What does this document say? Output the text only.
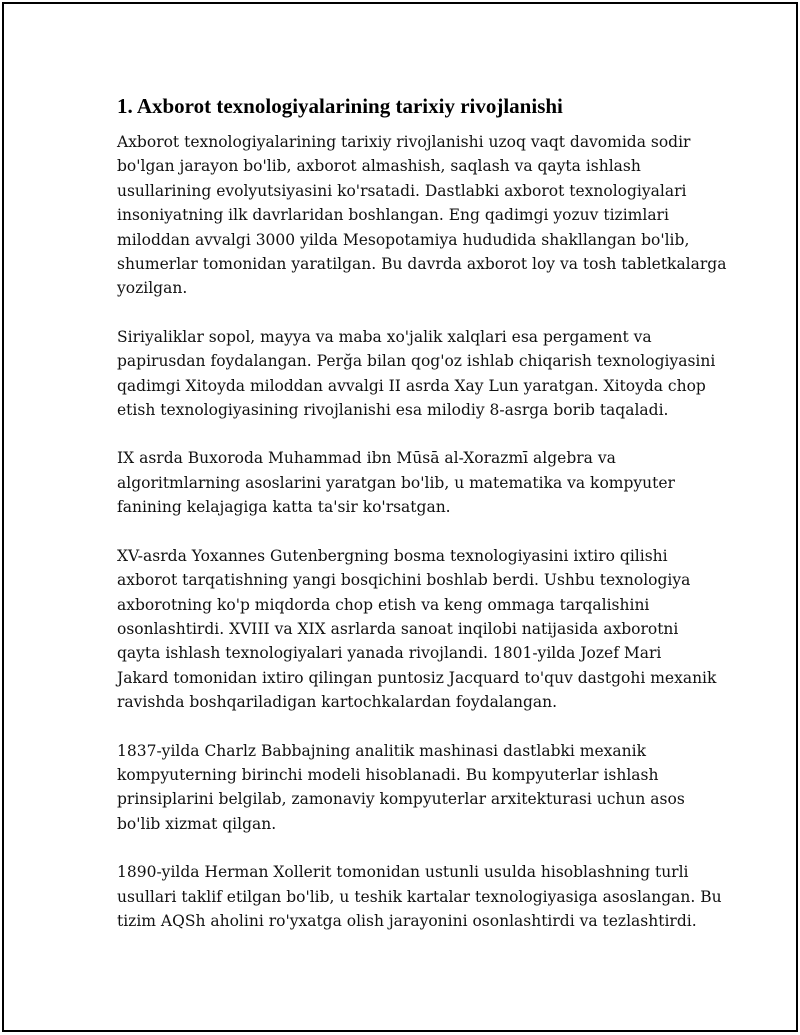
1. Axborot texnologiyalarining tarixiy rivojlanishi

Axborot texnologiyalarining tarixiy rivojlanishi uzoq vaqt davomida sodir
bo'lgan jarayon bo'lib, axborot almashish, saqlash va qayta ishlash
usullarining evolyutsiyasini ko'rsatadi. Dastlabki axborot texnologiyalari
insoniyatning ilk davrlaridan boshlangan. Eng qadimgi yozuv tizimlari
miloddan avvalgi 3000 yilda Mesopotamiya hududida shakllangan bo'lib,
shumerlar tomonidan yaratilgan. Bu davrda axborot loy va tosh tabletkalarga
yozilgan.

Siriyaliklar sopol, mayya va maba xo'jalik xalqlari esa pergament va
papirusdan foydalangan. Perğa bilan qog'oz ishlab chiqarish texnologiyasini
qadimgi Xitoyda miloddan avvalgi II asrda Xay Lun yaratgan. Xitoyda chop
etish texnologiyasining rivojlanishi esa milodiy 8-asrga borib taqaladi.

IX asrda Buxoroda Muhammad ibn Mūsā al-Xorazmī algebra va
algoritmlarning asoslarini yaratgan bo'lib, u matematika va kompyuter
fanining kelajagiga katta ta'sir ko'rsatgan.

XV-asrda Yoxannes Gutenbergning bosma texnologiyasini ixtiro qilishi
axborot tarqatishning yangi bosqichini boshlab berdi. Ushbu texnologiya
axborotning ko'p miqdorda chop etish va keng ommaga tarqalishini
osonlashtirdi. XVIII va XIX asrlarda sanoat inqilobi natijasida axborotni
qayta ishlash texnologiyalari yanada rivojlandi. 1801-yilda Jozef Mari
Jakard tomonidan ixtiro qilingan puntosiz Jacquard to'quv dastgohi mexanik
ravishda boshqariladigan kartochkalardan foydalangan.

1837-yilda Charlz Babbajning analitik mashinasi dastlabki mexanik
kompyuterning birinchi modeli hisoblanadi. Bu kompyuterlar ishlash
prinsiplarini belgilab, zamonaviy kompyuterlar arxitekturasi uchun asos
bo'lib xizmat qilgan.

1890-yilda Herman Xollerit tomonidan ustunli usulda hisoblashning turli
usullari taklif etilgan bo'lib, u teshik kartalar texnologiyasiga asoslangan. Bu
tizim AQSh aholini ro'yxatga olish jarayonini osonlashtirdi va tezlashtirdi.
